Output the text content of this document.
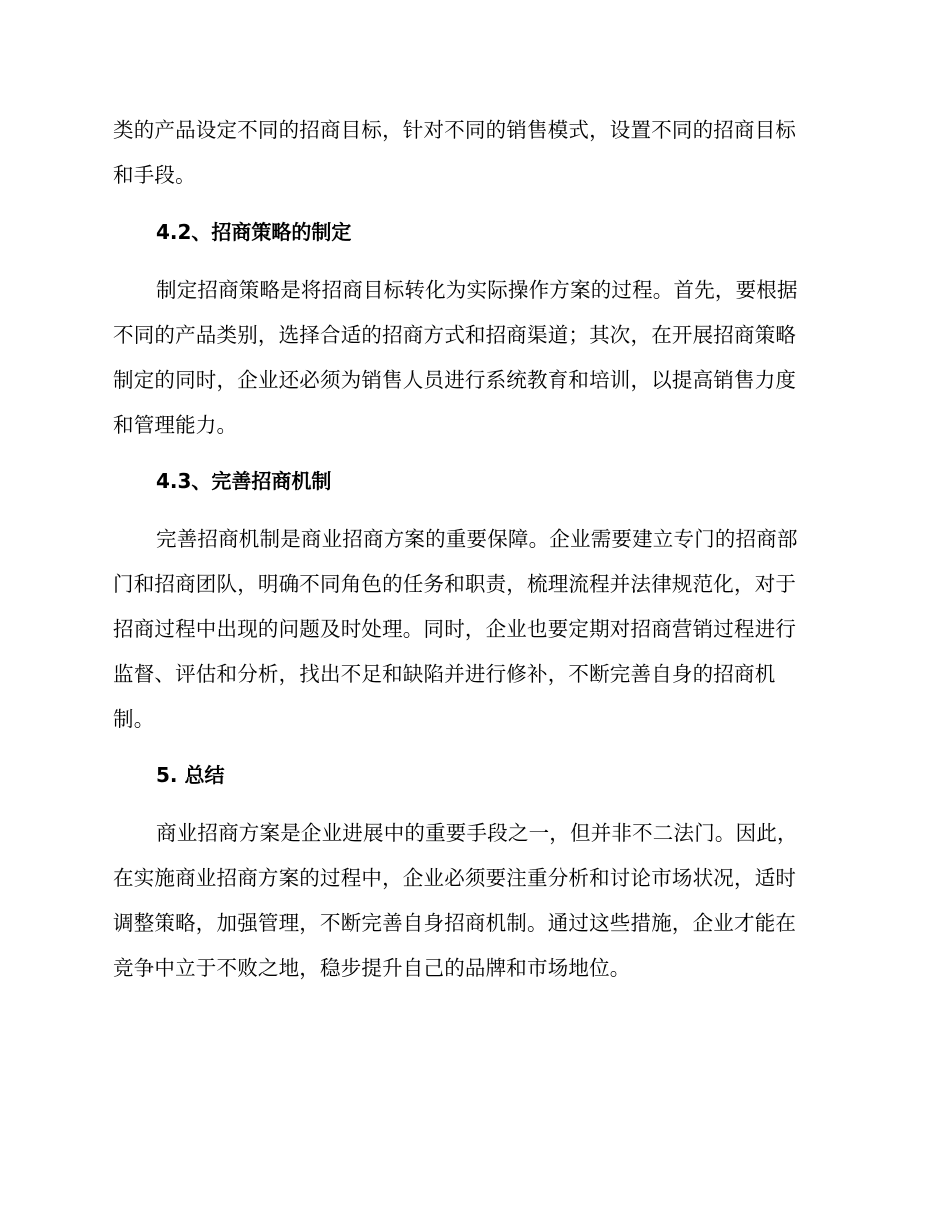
类的产品设定不同的招商目标，针对不同的销售模式，设置不同的招商目标
和手段。
4.2、招商策略的制定
制定招商策略是将招商目标转化为实际操作方案的过程。首先，要根据
不同的产品类别，选择合适的招商方式和招商渠道；其次，在开展招商策略
制定的同时，企业还必须为销售人员进行系统教育和培训，以提高销售力度
和管理能力。
4.3、完善招商机制
完善招商机制是商业招商方案的重要保障。企业需要建立专门的招商部
门和招商团队，明确不同角色的任务和职责，梳理流程并法律规范化，对于
招商过程中出现的问题及时处理。同时，企业也要定期对招商营销过程进行
监督、评估和分析，找出不足和缺陷并进行修补，不断完善自身的招商机
制。
5. 总结
商业招商方案是企业进展中的重要手段之一，但并非不二法门。因此，
在实施商业招商方案的过程中，企业必须要注重分析和讨论市场状况，适时
调整策略，加强管理，不断完善自身招商机制。通过这些措施，企业才能在
竞争中立于不败之地，稳步提升自己的品牌和市场地位。
